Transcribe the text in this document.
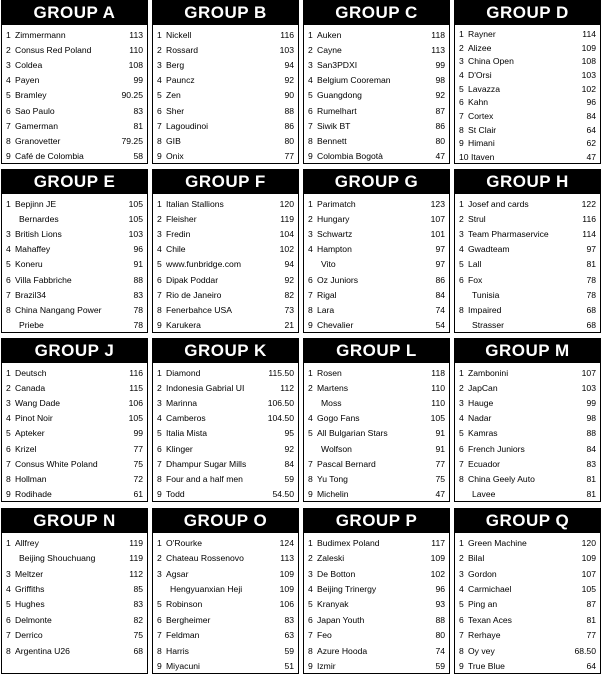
GROUP A
1 Zimmermann	113
2 Consus Red Poland	110
3 Coldea	108
4 Payen	99
5 Bramley	90.25
6 Sao Paulo	83
7 Gamerman	81
8 Granovetter	79.25
9 Café de Colombia	58
GROUP B
1 Nickell	116
2 Rossard	103
3 Berg	94
4 Pauncz	92
5 Zen	90
6 Sher	88
7 Lagoudinoi	86
8 GIB	80
9 Onix	77
GROUP C
1 Auken	118
2 Cayne	113
3 San3PDXI	99
4 Belgium Cooreman	98
5 Guangdong	92
6 Rumelhart	87
7 Siwik BT	86
8 Bennett	80
9 Colombia Bogotà	47
GROUP D
1 Rayner	114
2 Alizee	109
3 China Open	108
4 D'Orsi	103
5 Lavazza	102
6 Kahn	96
7 Cortex	84
8 St Clair	64
9 Himani	62
10 Itaven	47
GROUP E
1 Bepjinn JE	105
Bernardes	105
3 British Lions	103
4 Mahaffey	96
5 Koneru	91
6 Villa Fabbriche	88
7 Brazil34	83
8 China Nangang Power	78
Priebe	78
GROUP F
1 Italian Stallions	120
2 Fleisher	119
3 Fredin	104
4 Chile	102
5 www.funbridge.com	94
6 Dipak Poddar	92
7 Rio de Janeiro	82
8 Fenerbahce USA	73
9 Karukera	21
GROUP G
1 Parimatch	123
2 Hungary	107
3 Schwartz	101
4 Hampton	97
Vito	97
6 Oz Juniors	86
7 Rigal	84
8 Lara	74
9 Chevalier	54
GROUP H
1 Josef and cards	122
2 Strul	116
3 Team Pharmaservice	114
4 Gwadteam	97
5 Lall	81
6 Fox	78
Tunisia	78
8 Impaired	68
Strasser	68
GROUP J
1 Deutsch	116
2 Canada	115
3 Wang Dade	106
4 Pinot Noir	105
5 Apteker	99
6 Krizel	77
7 Consus White Poland	75
8 Hollman	72
9 Rodihade	61
GROUP K
1 Diamond	115.50
2 Indonesia Gabrial UI	112
3 Marinna	106.50
4 Camberos	104.50
5 Italia Mista	95
6 Klinger	92
7 Dhampur Sugar Mills	84
8 Four and a half men	59
9 Todd	54.50
GROUP L
1 Rosen	118
2 Martens	110
Moss	110
4 Gogo Fans	105
5 All Bulgarian Stars	91
Wolfson	91
7 Pascal Bernard	77
8 Yu Tong	75
9 Michelin	47
GROUP M
1 Zambonini	107
2 JapCan	103
3 Hauge	99
4 Nadar	98
5 Kamras	88
6 French Juniors	84
7 Ecuador	83
8 China Geely Auto	81
Lavee	81
GROUP N
1 Allfrey	119
Beijing Shouchuang	119
3 Meltzer	112
4 Griffiths	85
5 Hughes	83
6 Delmonte	82
7 Derrico	75
8 Argentina U26	68
GROUP O
1 O'Rourke	124
2 Chateau Rossenovo	113
3 Agsar	109
Hengyuanxian Heji	109
5 Robinson	106
6 Bergheimer	83
7 Feldman	63
8 Harris	59
9 Miyacuni	51
GROUP P
1 Budimex Poland	117
2 Zaleski	109
3 De Botton	102
4 Beijing Trinergy	96
5 Kranyak	93
6 Japan Youth	88
7 Feo	80
8 Azure Hooda	74
9 Izmir	59
GROUP Q
1 Green Machine	120
2 Bilal	109
3 Gordon	107
4 Carmichael	105
5 Ping an	87
6 Texan Aces	81
7 Rerhaye	77
8 Oy vey	68.50
9 True Blue	64
